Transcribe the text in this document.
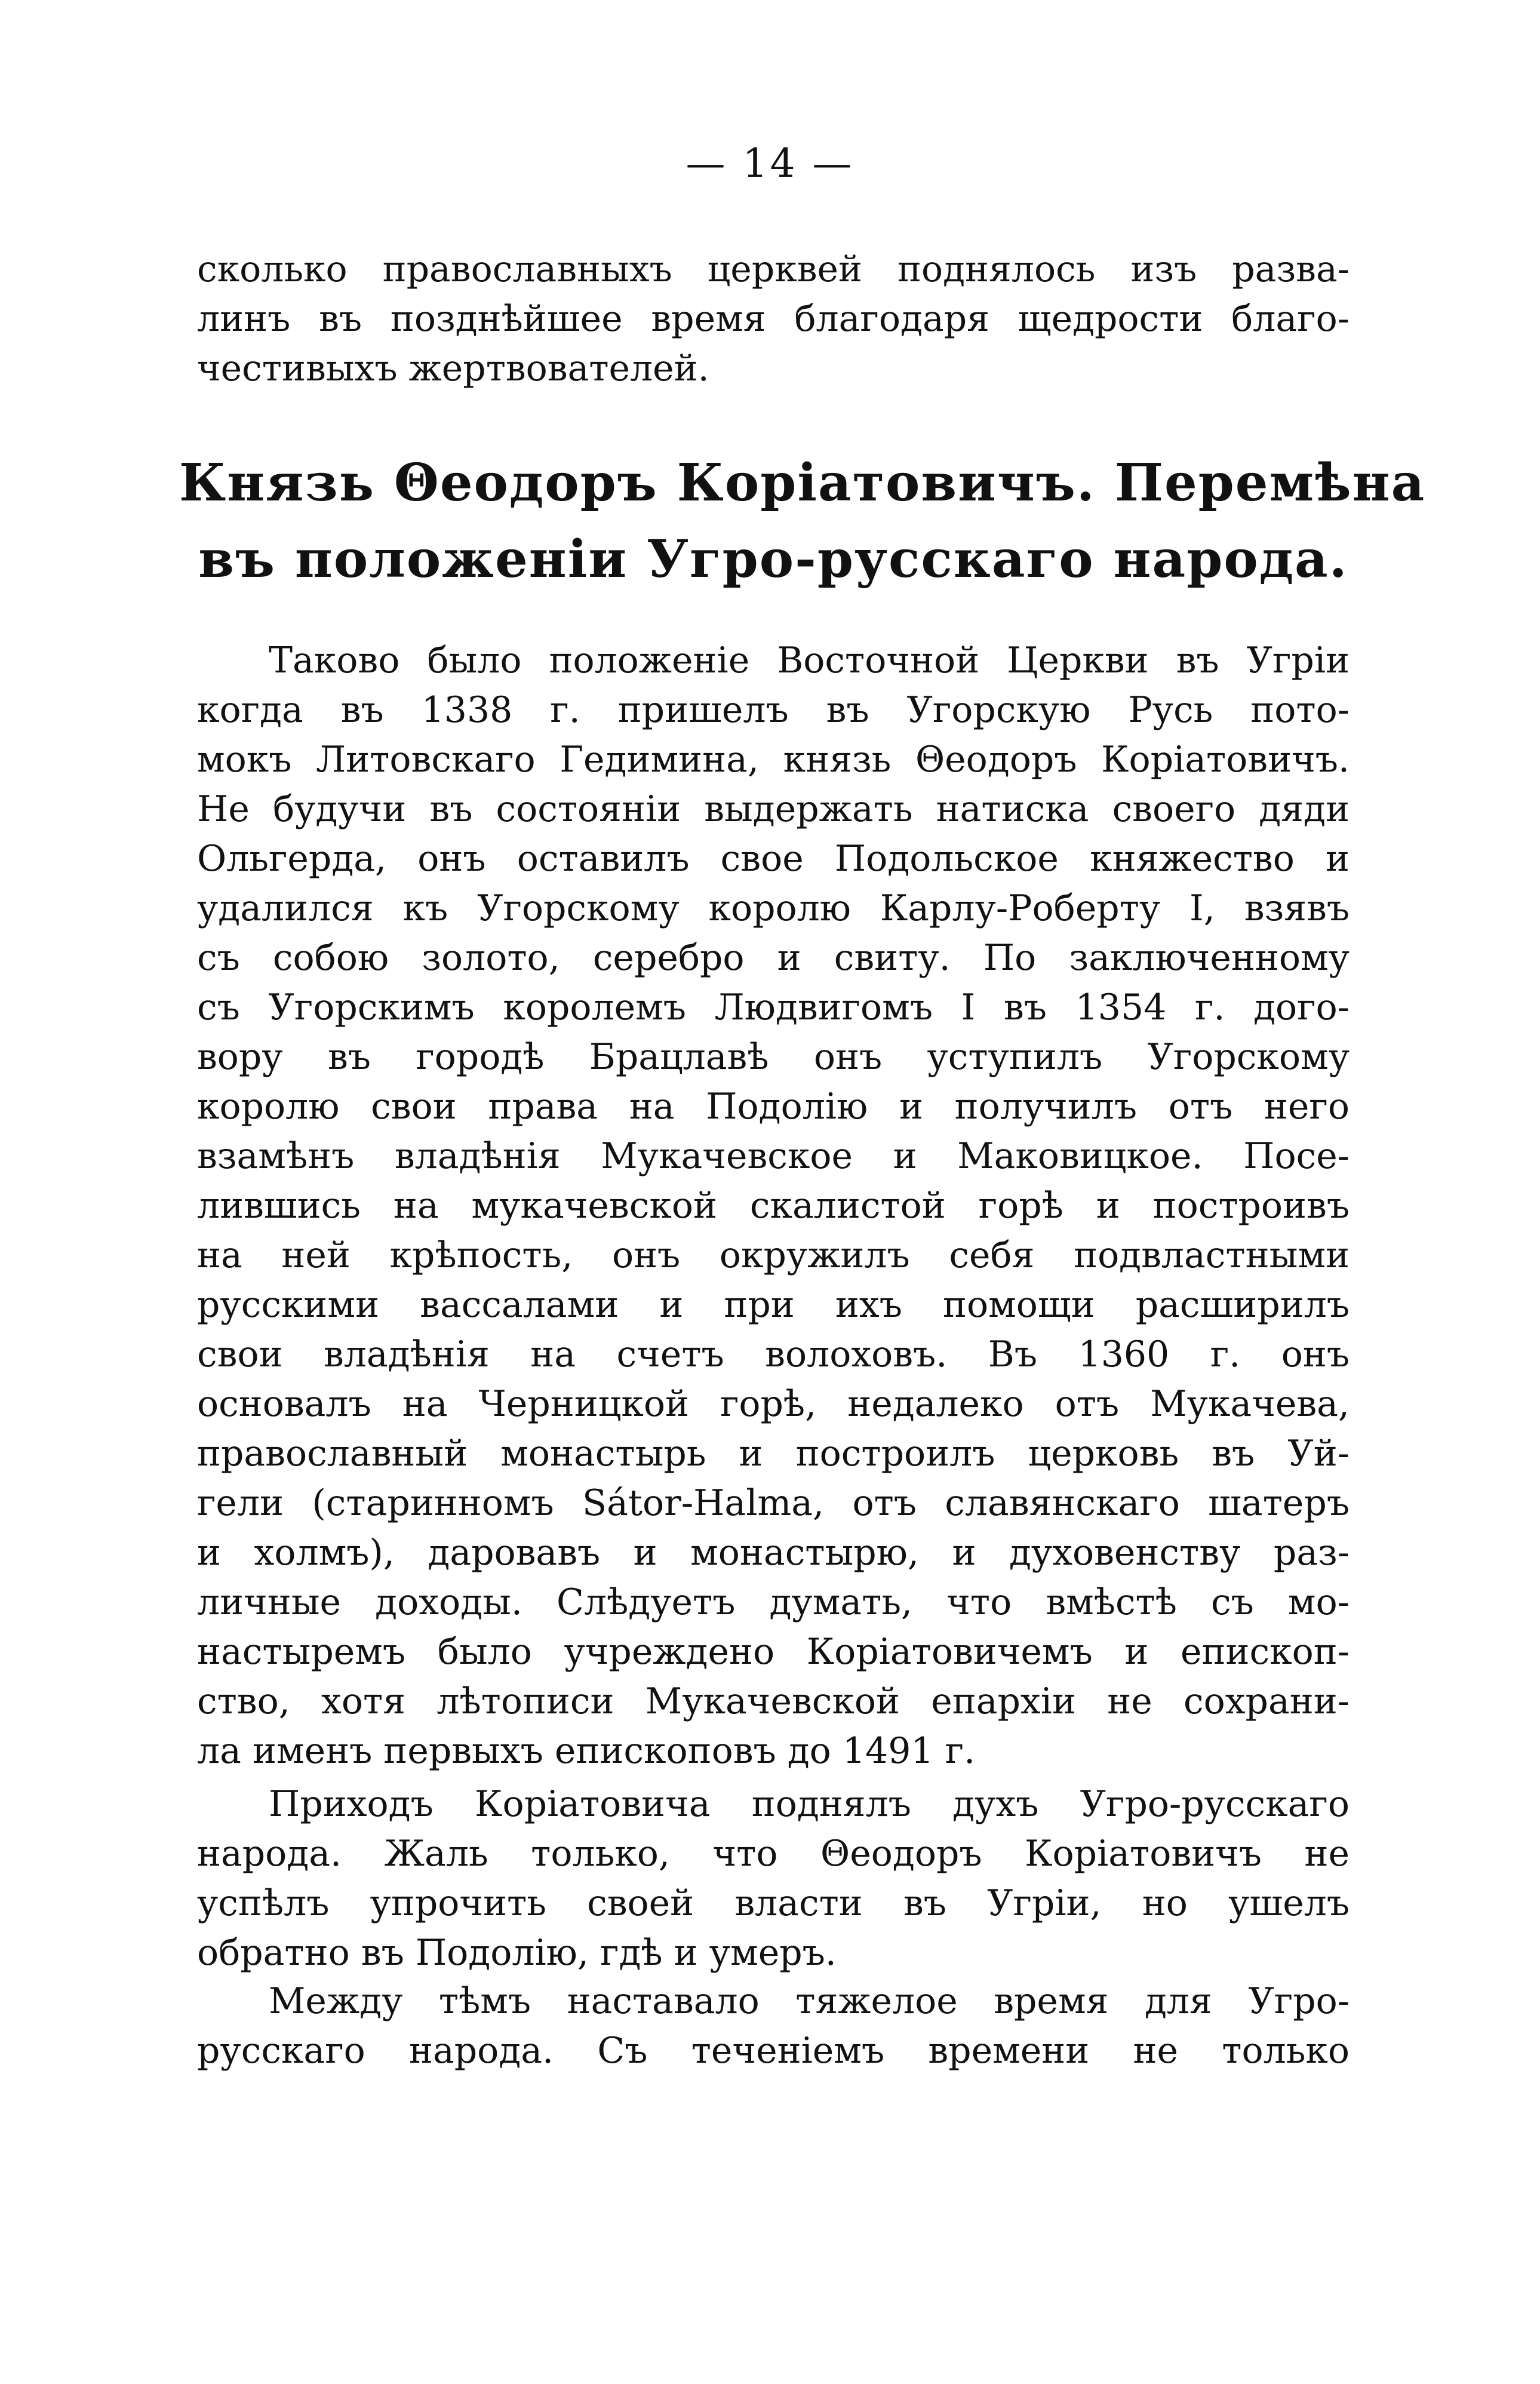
— 14 —
сколько православныхъ церквей поднялось изъ разва-
линъ въ позднѣйшее время благодаря щедрости благо-
честивыхъ жертвователей.
Князь Θеодоръ Коріатовичъ. Перемѣна
въ положеніи Угро-русскаго народа.
Таково было положеніе Восточной Церкви въ Угріи
когда въ 1338 г. пришелъ въ Угорскую Русь пото-
мокъ Литовскаго Гедимина, князь Θеодоръ Коріатовичъ.
Не будучи въ состояніи выдержать натиска своего дяди
Ольгерда, онъ оставилъ свое Подольское княжество и
удалился къ Угорскому королю Карлу-Роберту I, взявъ
съ собою золото, серебро и свиту. По заключенному
съ Угорскимъ королемъ Людвигомъ I въ 1354 г. дого-
вору въ городѣ Брацлавѣ онъ уступилъ Угорскому
королю свои права на Подолію и получилъ отъ него
взамѣнъ владѣнія Мукачевское и Маковицкое. Посе-
лившись на мукачевской скалистой горѣ и построивъ
на ней крѣпость, онъ окружилъ себя подвластными
русскими вассалами и при ихъ помощи расширилъ
свои владѣнія на счетъ волоховъ. Въ 1360 г. онъ
основалъ на Черницкой горѣ, недалеко отъ Мукачева,
православный монастырь и построилъ церковь въ Уй-
гели (старинномъ Sátor-Halma, отъ славянскаго шатеръ
и холмъ), даровавъ и монастырю, и духовенству раз-
личные доходы. Слѣдуетъ думать, что вмѣстѣ съ мо-
настыремъ было учреждено Коріатовичемъ и епископ-
ство, хотя лѣтописи Мукачевской епархіи не сохрани-
ла именъ первыхъ епископовъ до 1491 г.
Приходъ Коріатовича поднялъ духъ Угро-русскаго
народа. Жаль только, что Θеодоръ Коріатовичъ не
успѣлъ упрочить своей власти въ Угріи, но ушелъ
обратно въ Подолію, гдѣ и умеръ.
Между тѣмъ наставало тяжелое время для Угро-
русскаго народа. Съ теченіемъ времени не только
